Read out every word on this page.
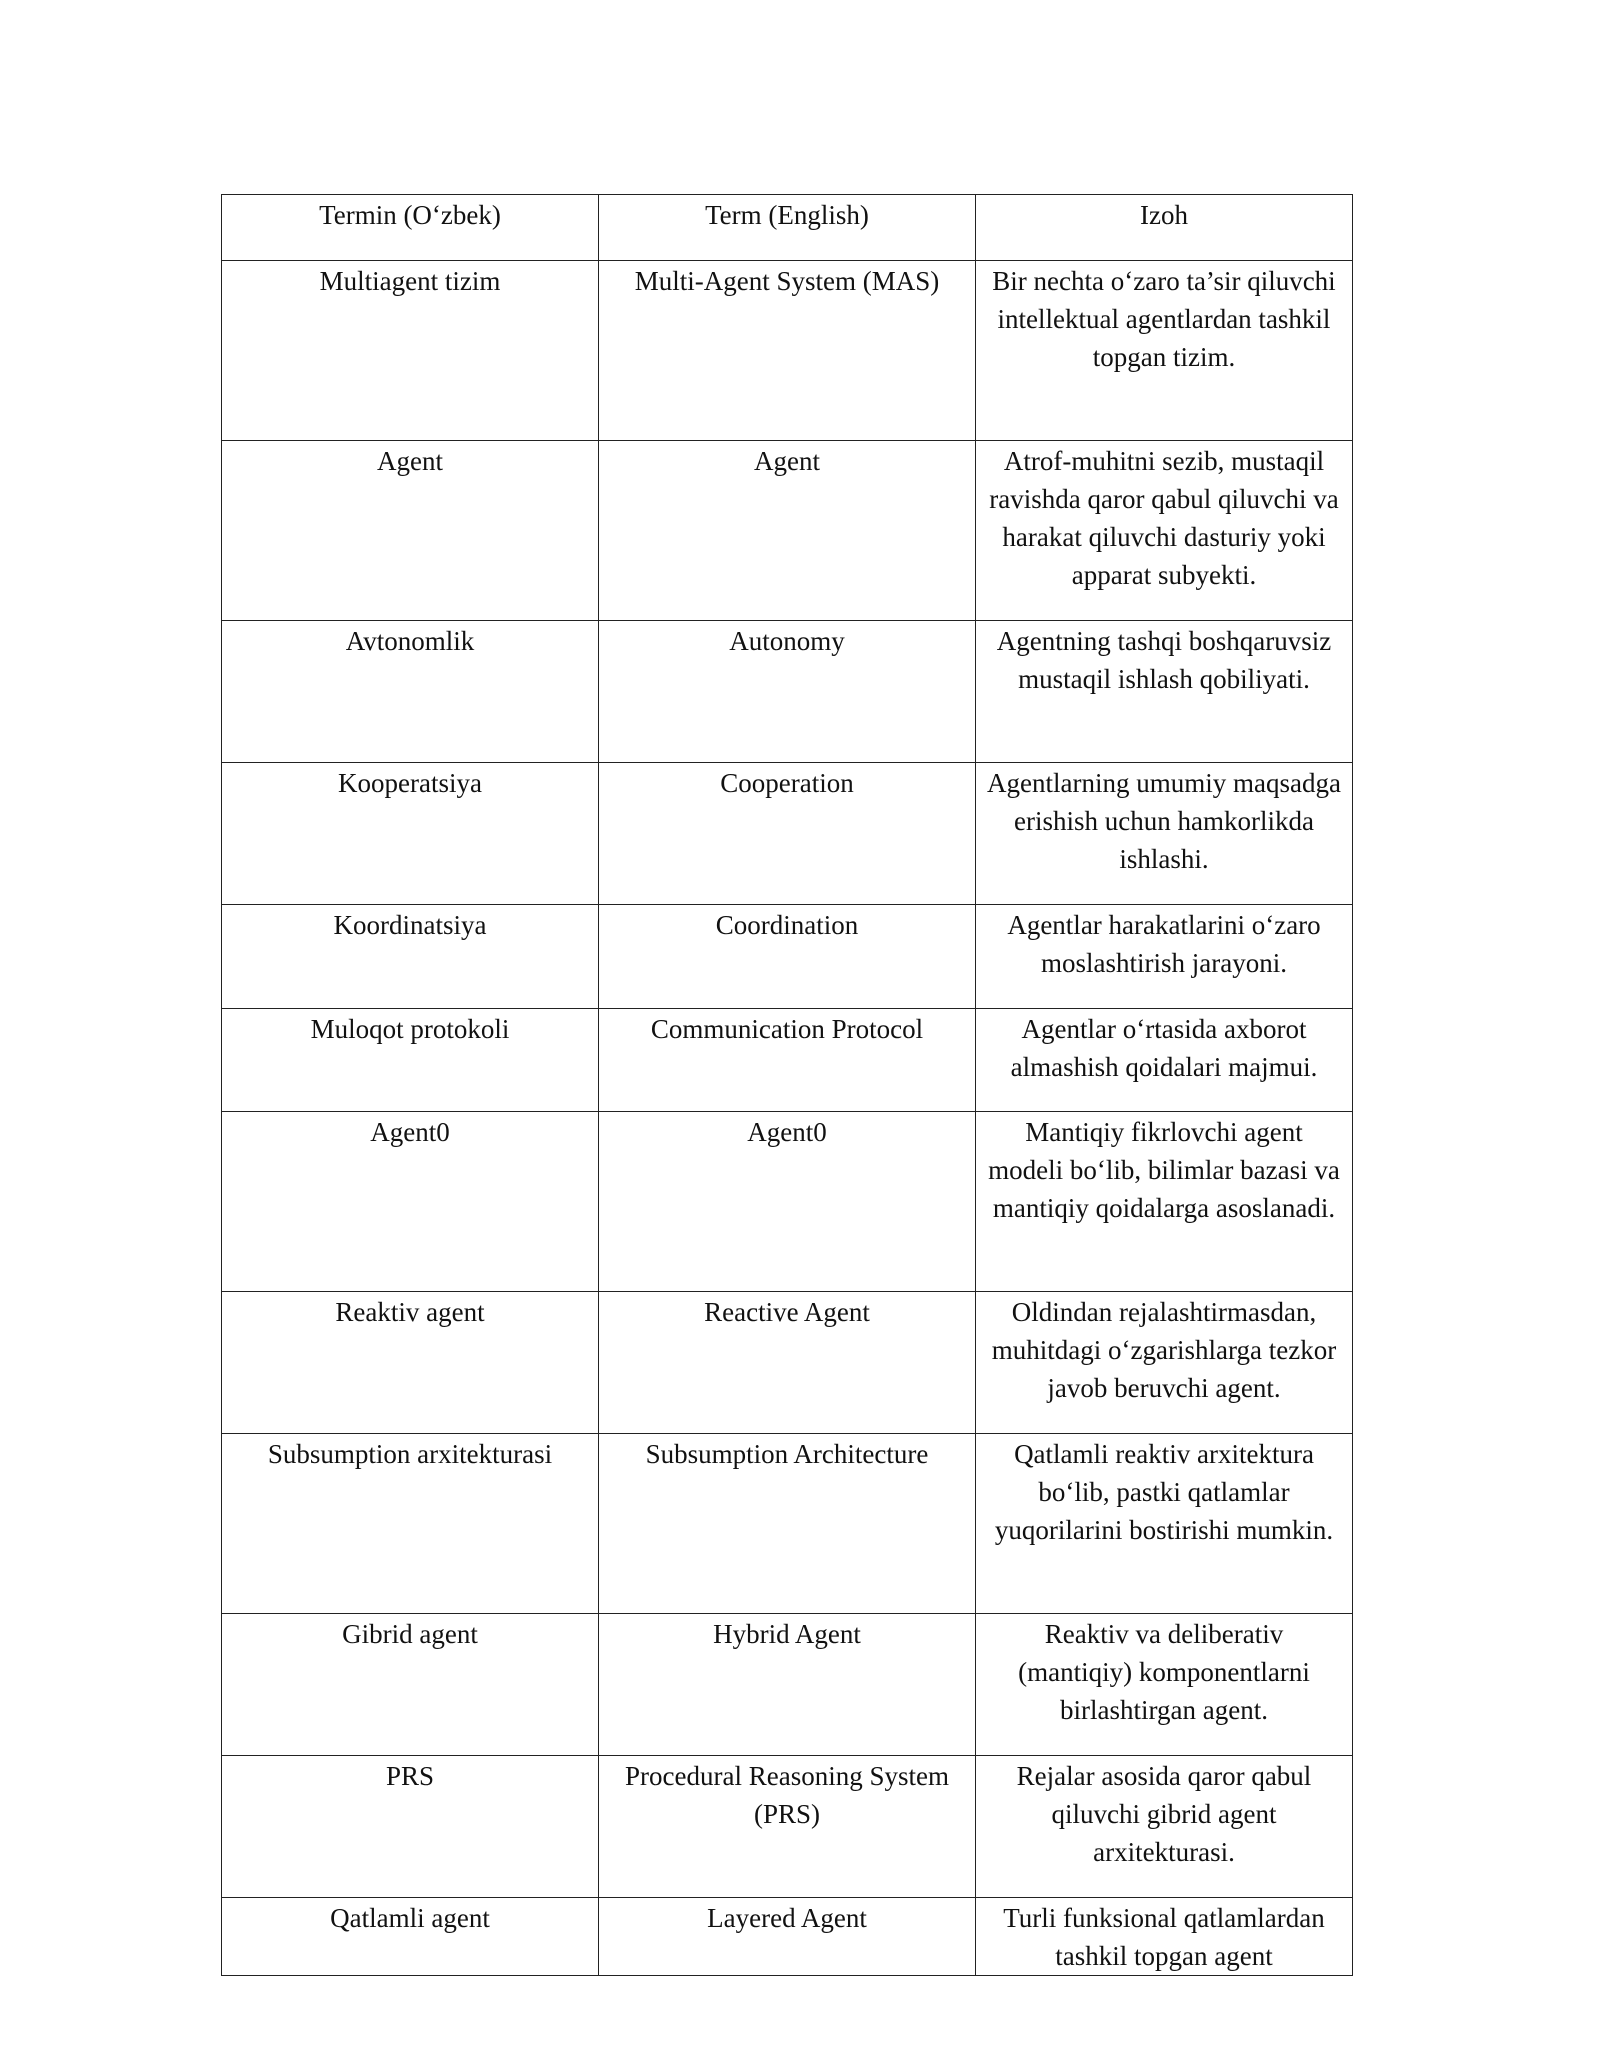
Termin (O‘zbek)	Term (English)	Izoh

Multiagent tizim	Multi-Agent System (MAS)	Bir nechta o‘zaro ta’sir qiluvchi intellektual agentlardan tashkil topgan tizim.

Agent	Agent	Atrof-muhitni sezib, mustaqil ravishda qaror qabul qiluvchi va harakat qiluvchi dasturiy yoki apparat subyekti.

Avtonomlik	Autonomy	Agentning tashqi boshqaruvsiz mustaqil ishlash qobiliyati.

Kooperatsiya	Cooperation	Agentlarning umumiy maqsadga erishish uchun hamkorlikda ishlashi.

Koordinatsiya	Coordination	Agentlar harakatlarini o‘zaro moslashtirish jarayoni.

Muloqot protokoli	Communication Protocol	Agentlar o‘rtasida axborot almashish qoidalari majmui.

Agent0	Agent0	Mantiqiy fikrlovchi agent modeli bo‘lib, bilimlar bazasi va mantiqiy qoidalarga asoslanadi.

Reaktiv agent	Reactive Agent	Oldindan rejalashtirmasdan, muhitdagi o‘zgarishlarga tezkor javob beruvchi agent.

Subsumption arxitekturasi	Subsumption Architecture	Qatlamli reaktiv arxitektura bo‘lib, pastki qatlamlar yuqorilarini bostirishi mumkin.

Gibrid agent	Hybrid Agent	Reaktiv va deliberativ (mantiqiy) komponentlarni birlashtirgan agent.

PRS	Procedural Reasoning System (PRS)	Rejalar asosida qaror qabul qiluvchi gibrid agent arxitekturasi.

Qatlamli agent	Layered Agent	Turli funksional qatlamlardan tashkil topgan agent
